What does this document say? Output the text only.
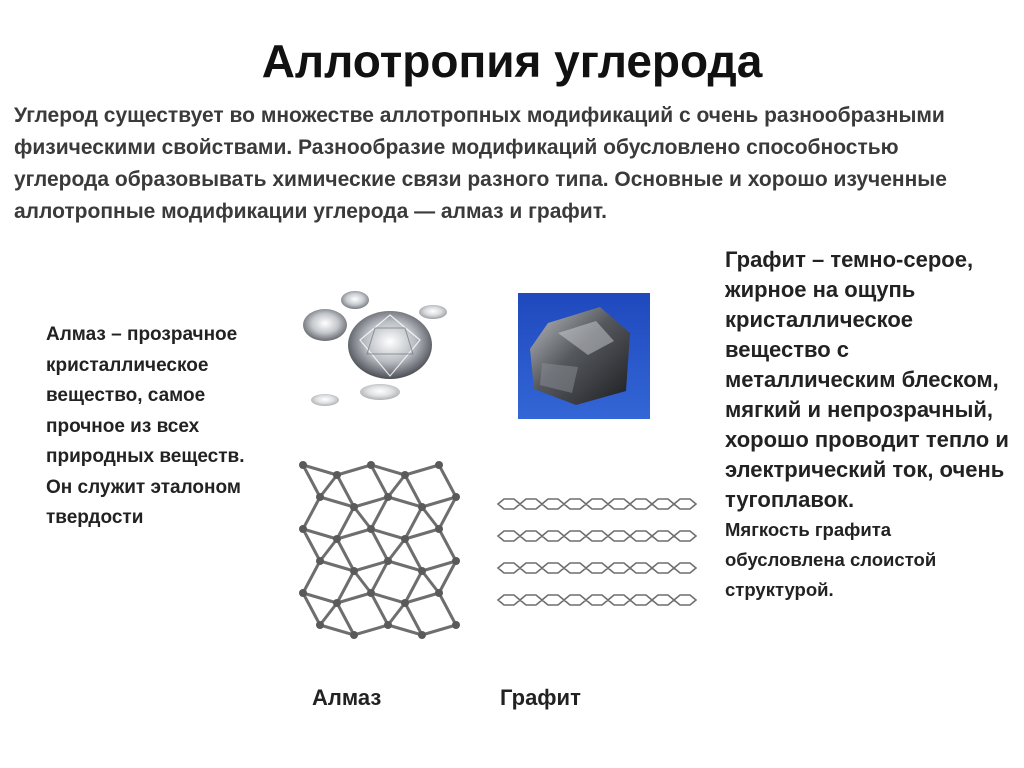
Аллотропия углерода

Углерод существует во множестве аллотропных модификаций с очень разнообразными физическими свойствами. Разнообразие модификаций обусловлено способностью углерода образовывать химические связи разного типа. Основные и хорошо изученные аллотропные модификации углерода — алмаз и графит.

Алмаз – прозрачное кристаллическое вещество, самое прочное из всех природных веществ. Он служит эталоном твердости
Графит – темно-серое, жирное на ощупь кристаллическое вещество с металлическим блеском, мягкий и непрозрачный, хорошо проводит тепло и электрический ток, очень тугоплавок.
Мягкость графита обусловлена слоистой структурой.
Алмаз	Графит
